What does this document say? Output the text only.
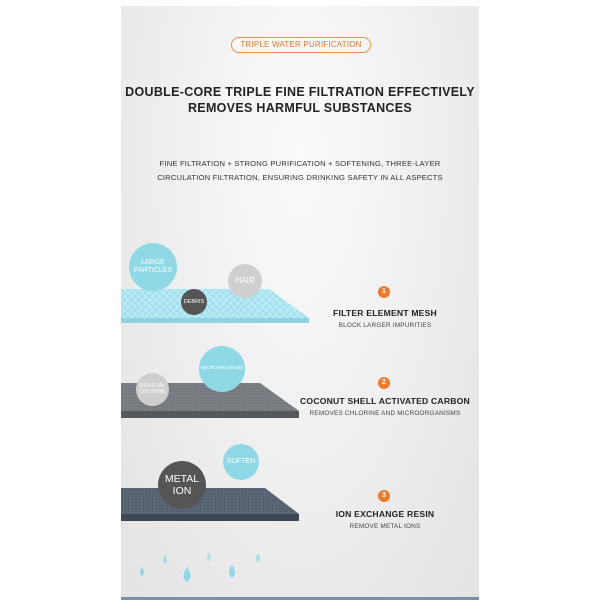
TRIPLE WATER PURIFICATION
DOUBLE-CORE TRIPLE FINE FILTRATION EFFECTIVELY
REMOVES HARMFUL SUBSTANCES
FINE FILTRATION + STRONG PURIFICATION + SOFTENING, THREE-LAYER
CIRCULATION FILTRATION, ENSURING DRINKING SAFETY IN ALL ASPECTS
LARGE PARTICLES
HAIR
DEBRIS
MICROORGANISM
RESIDUAL CHLORINE
METAL ION
SOFTEN
1
FILTER ELEMENT MESH
BLOCK LARGER IMPURITIES
2
COCONUT SHELL ACTIVATED CARBON
REMOVES CHLORINE AND MICROORGANISMS
3
ION EXCHANGE RESIN
REMOVE METAL IONS
